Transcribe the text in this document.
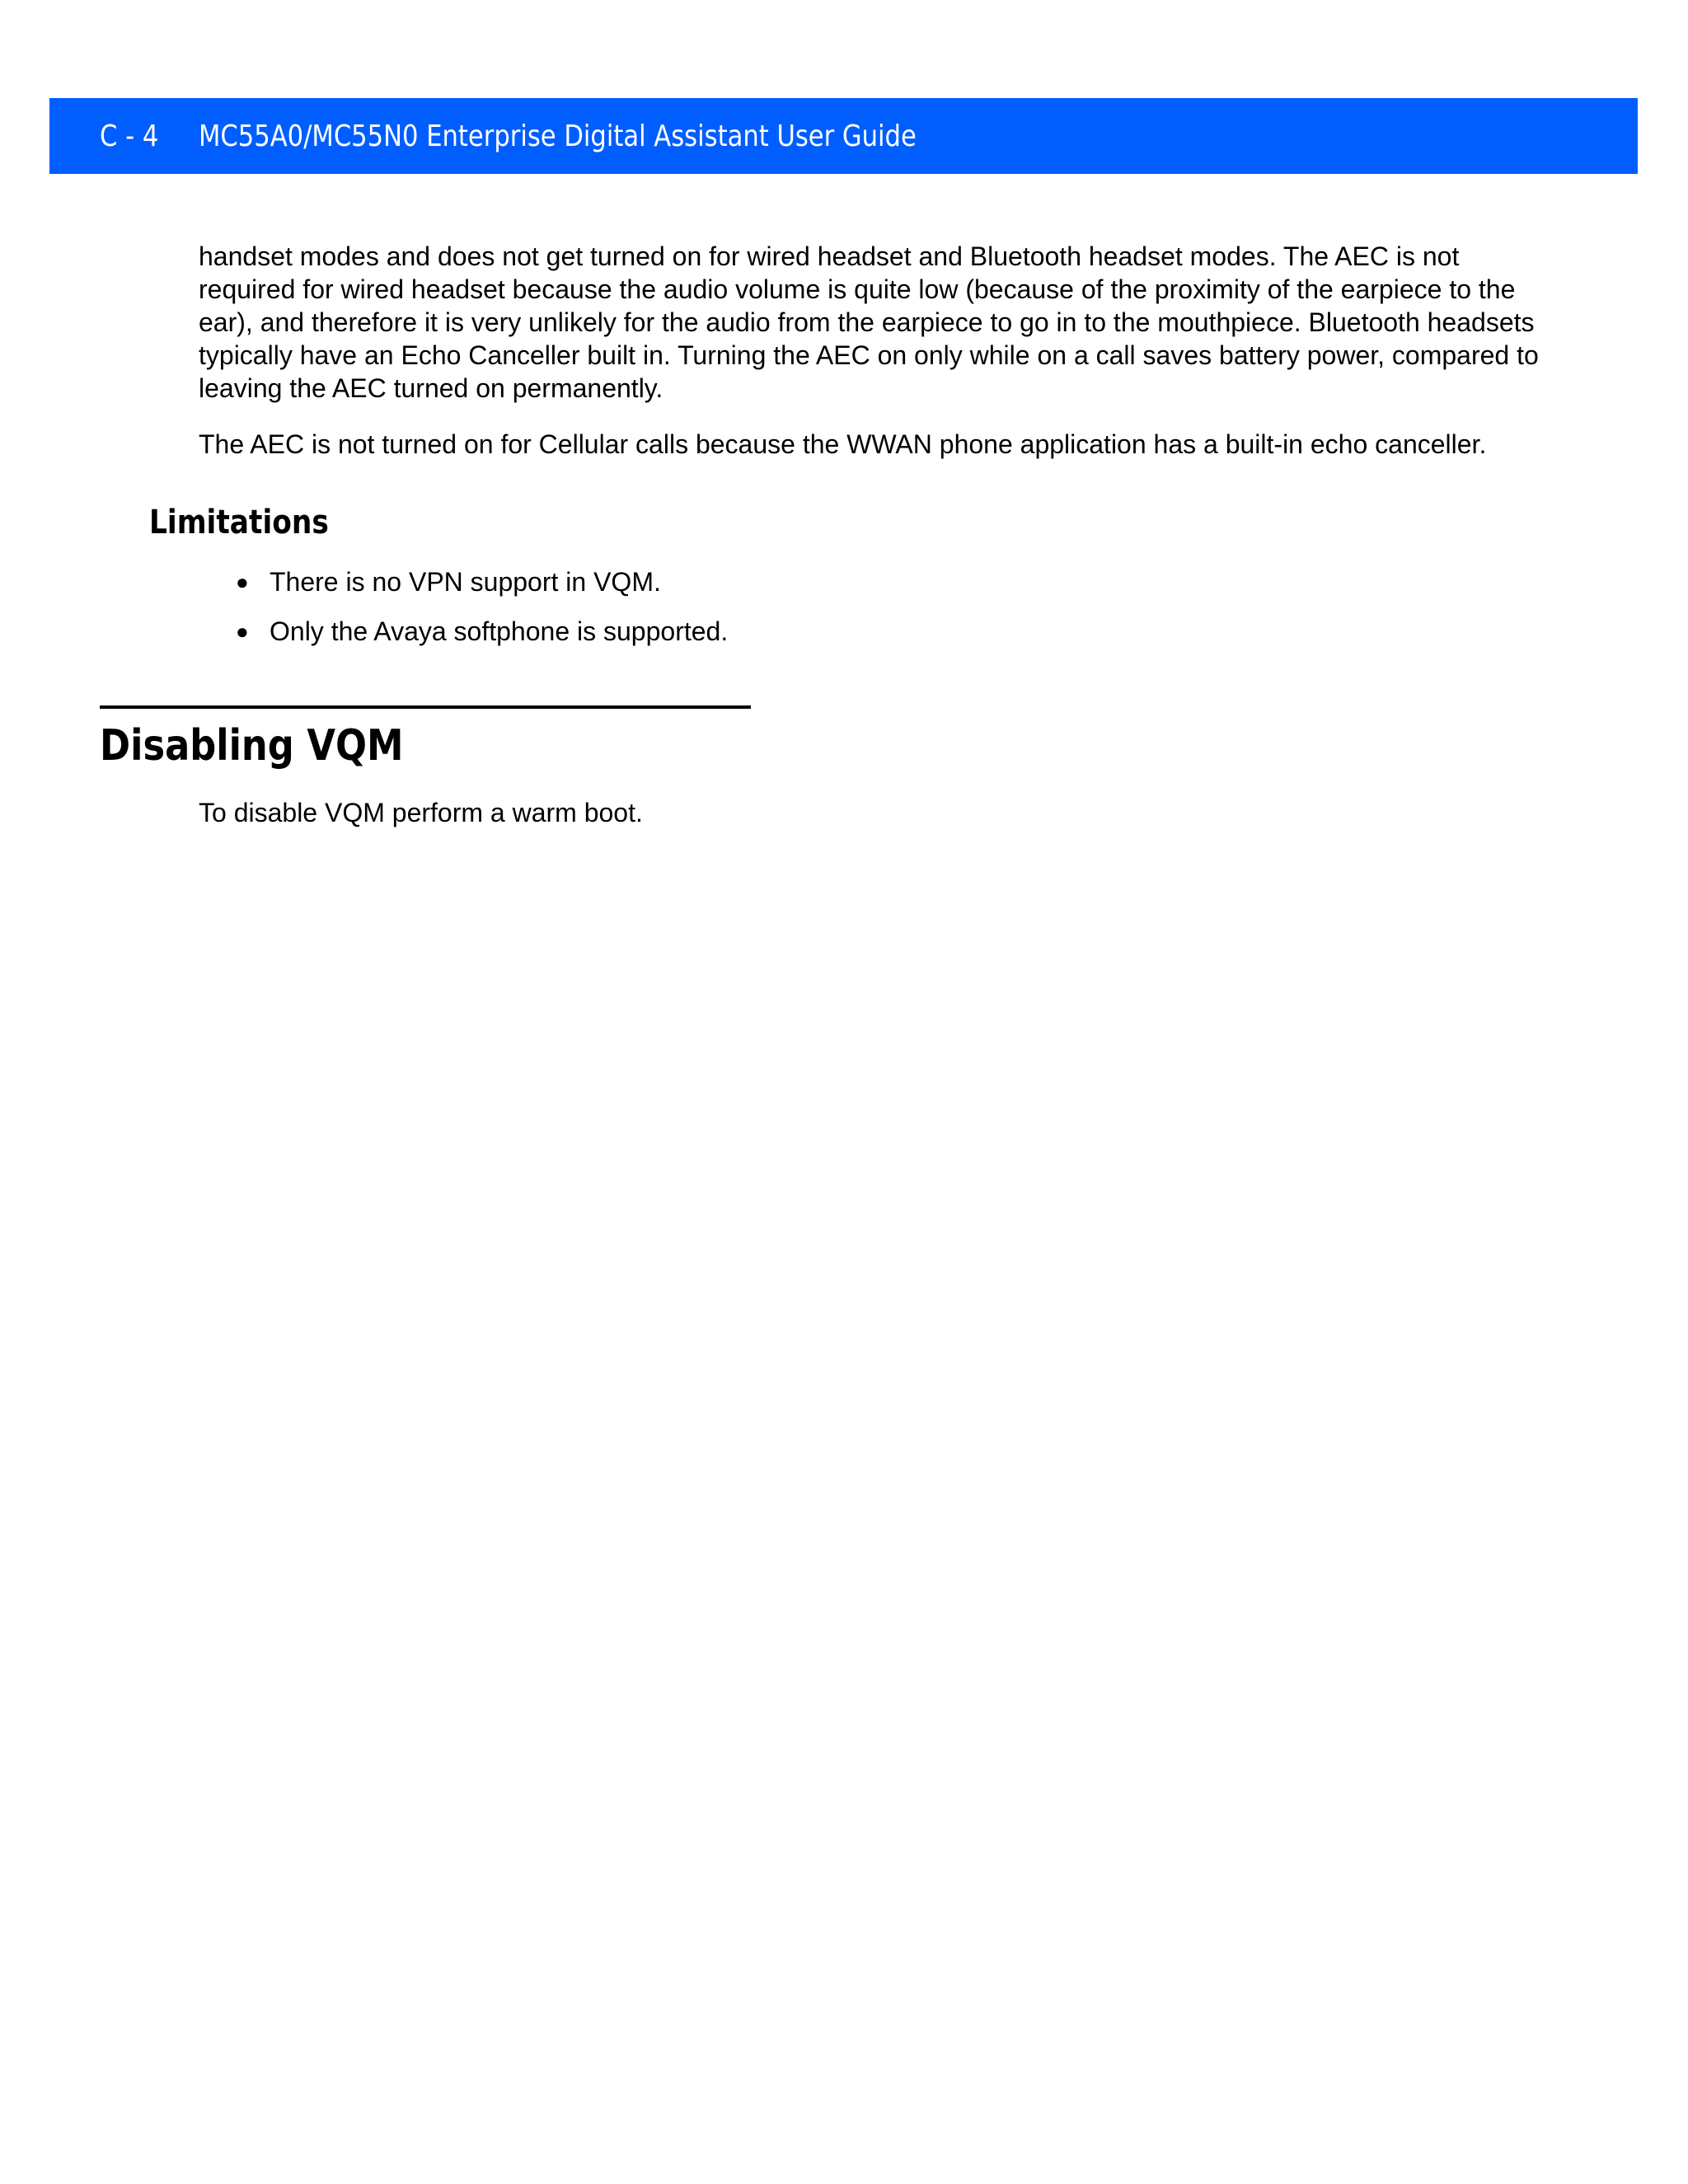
C - 4 MC55A0/MC55N0 Enterprise Digital Assistant User Guide

handset modes and does not get turned on for wired headset and Bluetooth headset modes. The AEC is not required for wired headset because the audio volume is quite low (because of the proximity of the earpiece to the ear), and therefore it is very unlikely for the audio from the earpiece to go in to the mouthpiece. Bluetooth headsets typically have an Echo Canceller built in. Turning the AEC on only while on a call saves battery power, compared to leaving the AEC turned on permanently.

The AEC is not turned on for Cellular calls because the WWAN phone application has a built-in echo canceller.

Limitations
● There is no VPN support in VQM.
● Only the Avaya softphone is supported.
Disabling VQM

To disable VQM perform a warm boot.
